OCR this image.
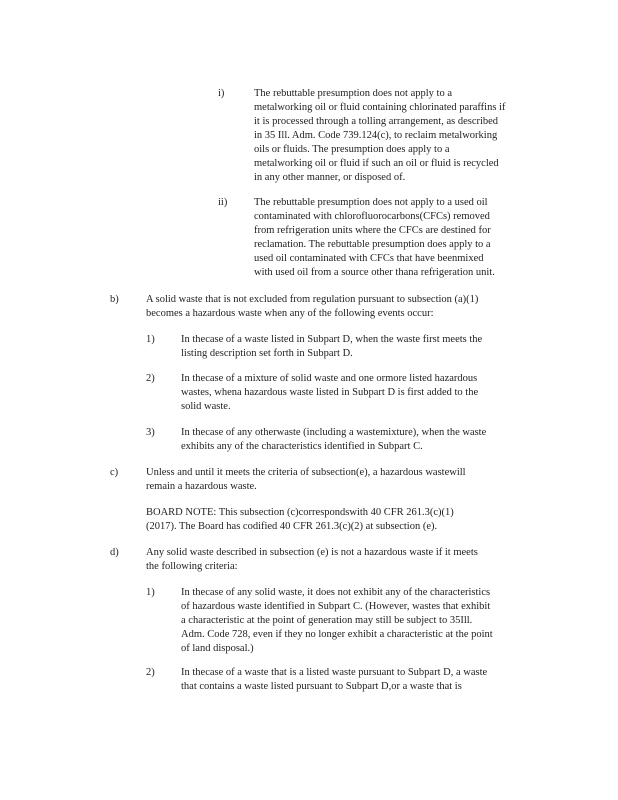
i)	The rebuttable presumption does not apply to a

metalworking oil or fluid containing chlorinated paraffins if

it is processed through a tolling arrangement, as described

in 35 Ill. Adm. Code 739.124(c), to reclaim metalworking

oils or fluids. The presumption does apply to a

metalworking oil or fluid if such an oil or fluid is recycled

in any other manner, or disposed of.

ii)	The rebuttable presumption does not apply to a used oil

contaminated with chlorofluorocarbons(CFCs) removed

from refrigeration units where the CFCs are destined for

reclamation. The rebuttable presumption does apply to a

used oil contaminated with CFCs that have beenmixed

with used oil from a source other thana refrigeration unit.

b)	A solid waste that is not excluded from regulation pursuant to subsection (a)(1)

becomes a hazardous waste when any of the following events occur:

1)	In thecase of a waste listed in Subpart D, when the waste first meets the

listing description set forth in Subpart D.

2)	In thecase of a mixture of solid waste and one ormore listed hazardous

wastes, whena hazardous waste listed in Subpart D is first added to the

solid waste.

3)	In thecase of any otherwaste (including a wastemixture), when the waste

exhibits any of the characteristics identified in Subpart C.

c)	Unless and until it meets the criteria of subsection(e), a hazardous wastewill

remain a hazardous waste.

BOARD NOTE: This subsection (c)correspondswith 40 CFR 261.3(c)(1)

(2017). The Board has codified 40 CFR 261.3(c)(2) at subsection (e).

d)	Any solid waste described in subsection (e) is not a hazardous waste if it meets

the following criteria:

1)	In thecase of any solid waste, it does not exhibit any of the characteristics

of hazardous waste identified in Subpart C. (However, wastes that exhibit

a characteristic at the point of generation may still be subject to 35Ill.

Adm. Code 728, even if they no longer exhibit a characteristic at the point

of land disposal.)

2)	In thecase of a waste that is a listed waste pursuant to Subpart D, a waste

that contains a waste listed pursuant to Subpart D,or a waste that is
